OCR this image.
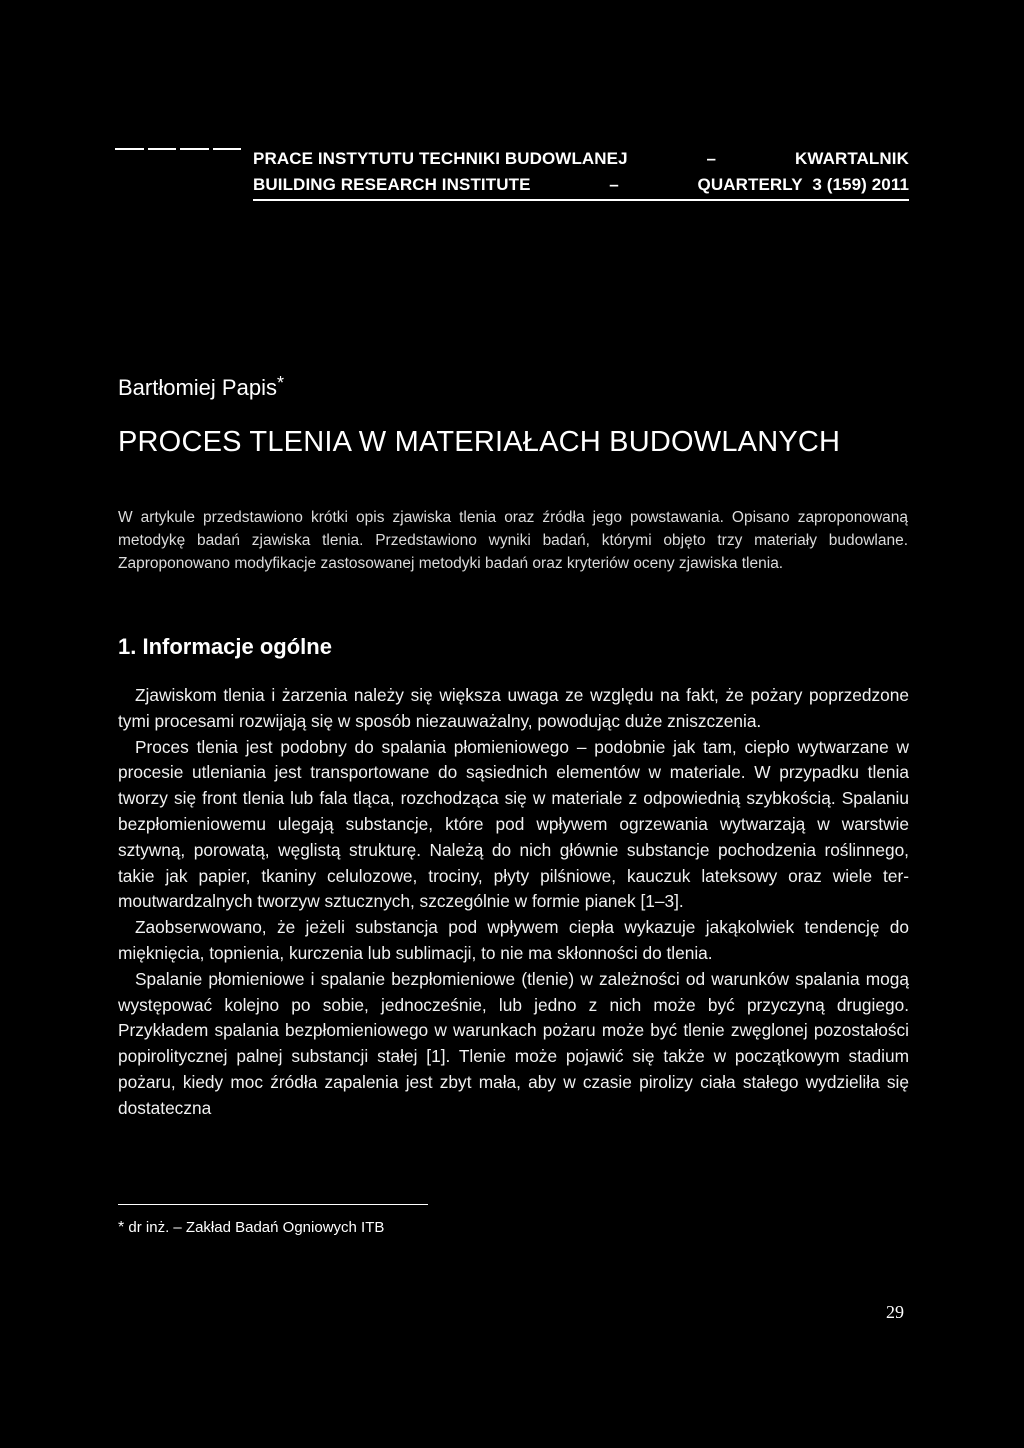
PRACE INSTYTUTU TECHNIKI BUDOWLANEJ	–	KWARTALNIK
BUILDING RESEARCH INSTITUTE	–	QUARTERLY 3 (159) 2011
Bartłomiej Papis*
PROCES TLENIA W MATERIAŁACH BUDOWLANYCH

W artykule przedstawiono krótki opis zjawiska tlenia oraz źródła jego powstawania. Opisano zaproponowaną metodykę badań zjawiska tlenia. Przedstawiono wyniki badań, którymi objęto trzy materiały budowlane. Zaproponowano modyfikacje zastosowanej metodyki badań oraz kryteriów oceny zjawiska tlenia.

1. Informacje ogólne

Zjawiskom tlenia i żarzenia należy się większa uwaga ze względu na fakt, że pożary poprzedzone tymi procesami rozwijają się w sposób niezauważalny, powodując duże zniszczenia.

Proces tlenia jest podobny do spalania płomieniowego – podobnie jak tam, ciepło wytwarzane w procesie utleniania jest transportowane do sąsiednich elementów w materiale. W przypadku tlenia tworzy się front tlenia lub fala tląca, rozchodząca się w materiale z odpowiednią szybkością. Spalaniu bezpłomieniowemu ulegają substancje, które pod wpływem ogrzewania wytwarzają w warstwie sztywną, porowatą, węglistą strukturę. Należą do nich głównie substancje pochodzenia roślinnego, takie jak papier, tkaniny celulozowe, trociny, płyty pilśniowe, kauczuk lateksowy oraz wiele termoutwardzalnych tworzyw sztucznych, szczególnie w formie pianek [1–3].

Zaobserwowano, że jeżeli substancja pod wpływem ciepła wykazuje jakąkolwiek tendencję do mięknięcia, topnienia, kurczenia lub sublimacji, to nie ma skłonności do tlenia.

Spalanie płomieniowe i spalanie bezpłomieniowe (tlenie) w zależności od warunków spalania mogą występować kolejno po sobie, jednocześnie, lub jedno z nich może być przyczyną drugiego. Przykładem spalania bezpłomieniowego w warunkach pożaru może być tlenie zwęglonej pozostałości popirolitycznej palnej substancji stałej [1]. Tlenie może pojawić się także w początkowym stadium pożaru, kiedy moc źródła zapalenia jest zbyt mała, aby w czasie pirolizy ciała stałego wydzieliła się dostateczna

* dr inż. – Zakład Badań Ogniowych ITB
29
